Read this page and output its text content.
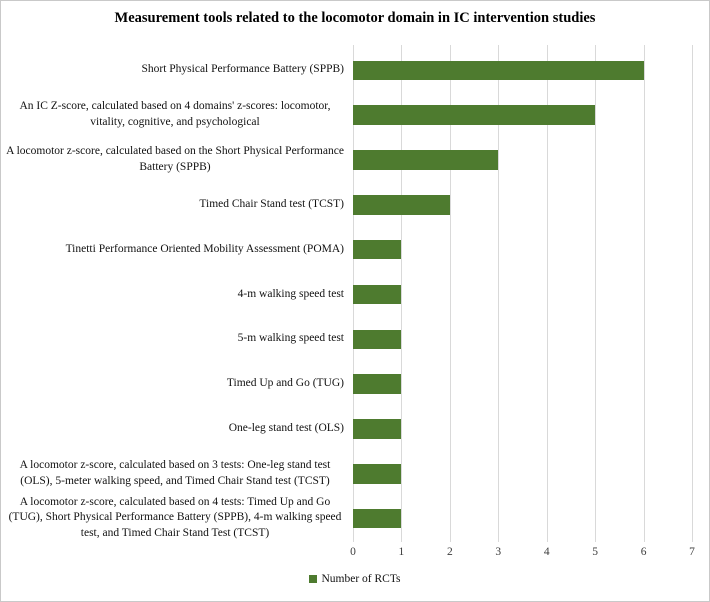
Measurement tools related to the locomotor domain in IC intervention studies
0	1	2	3	4	5	6	7
Short Physical Performance Battery (SPPB)
An IC Z-score, calculated based on 4 domains' z-scores: locomotor, vitality, cognitive, and psychological
A locomotor z-score, calculated based on the Short Physical Performance Battery (SPPB)
Timed Chair Stand test (TCST)
Tinetti Performance Oriented Mobility Assessment (POMA)
4-m walking speed test
5-m walking speed test
Timed Up and Go (TUG)
One-leg stand test (OLS)
A locomotor z-score, calculated based on 3 tests: One-leg stand test (OLS), 5-meter walking speed, and Timed Chair Stand test (TCST)
A locomotor z-score, calculated based on 4 tests: Timed Up and Go (TUG), Short Physical Performance Battery (SPPB), 4-m walking speed test, and Timed Chair Stand Test (TCST)
Number of RCTs
